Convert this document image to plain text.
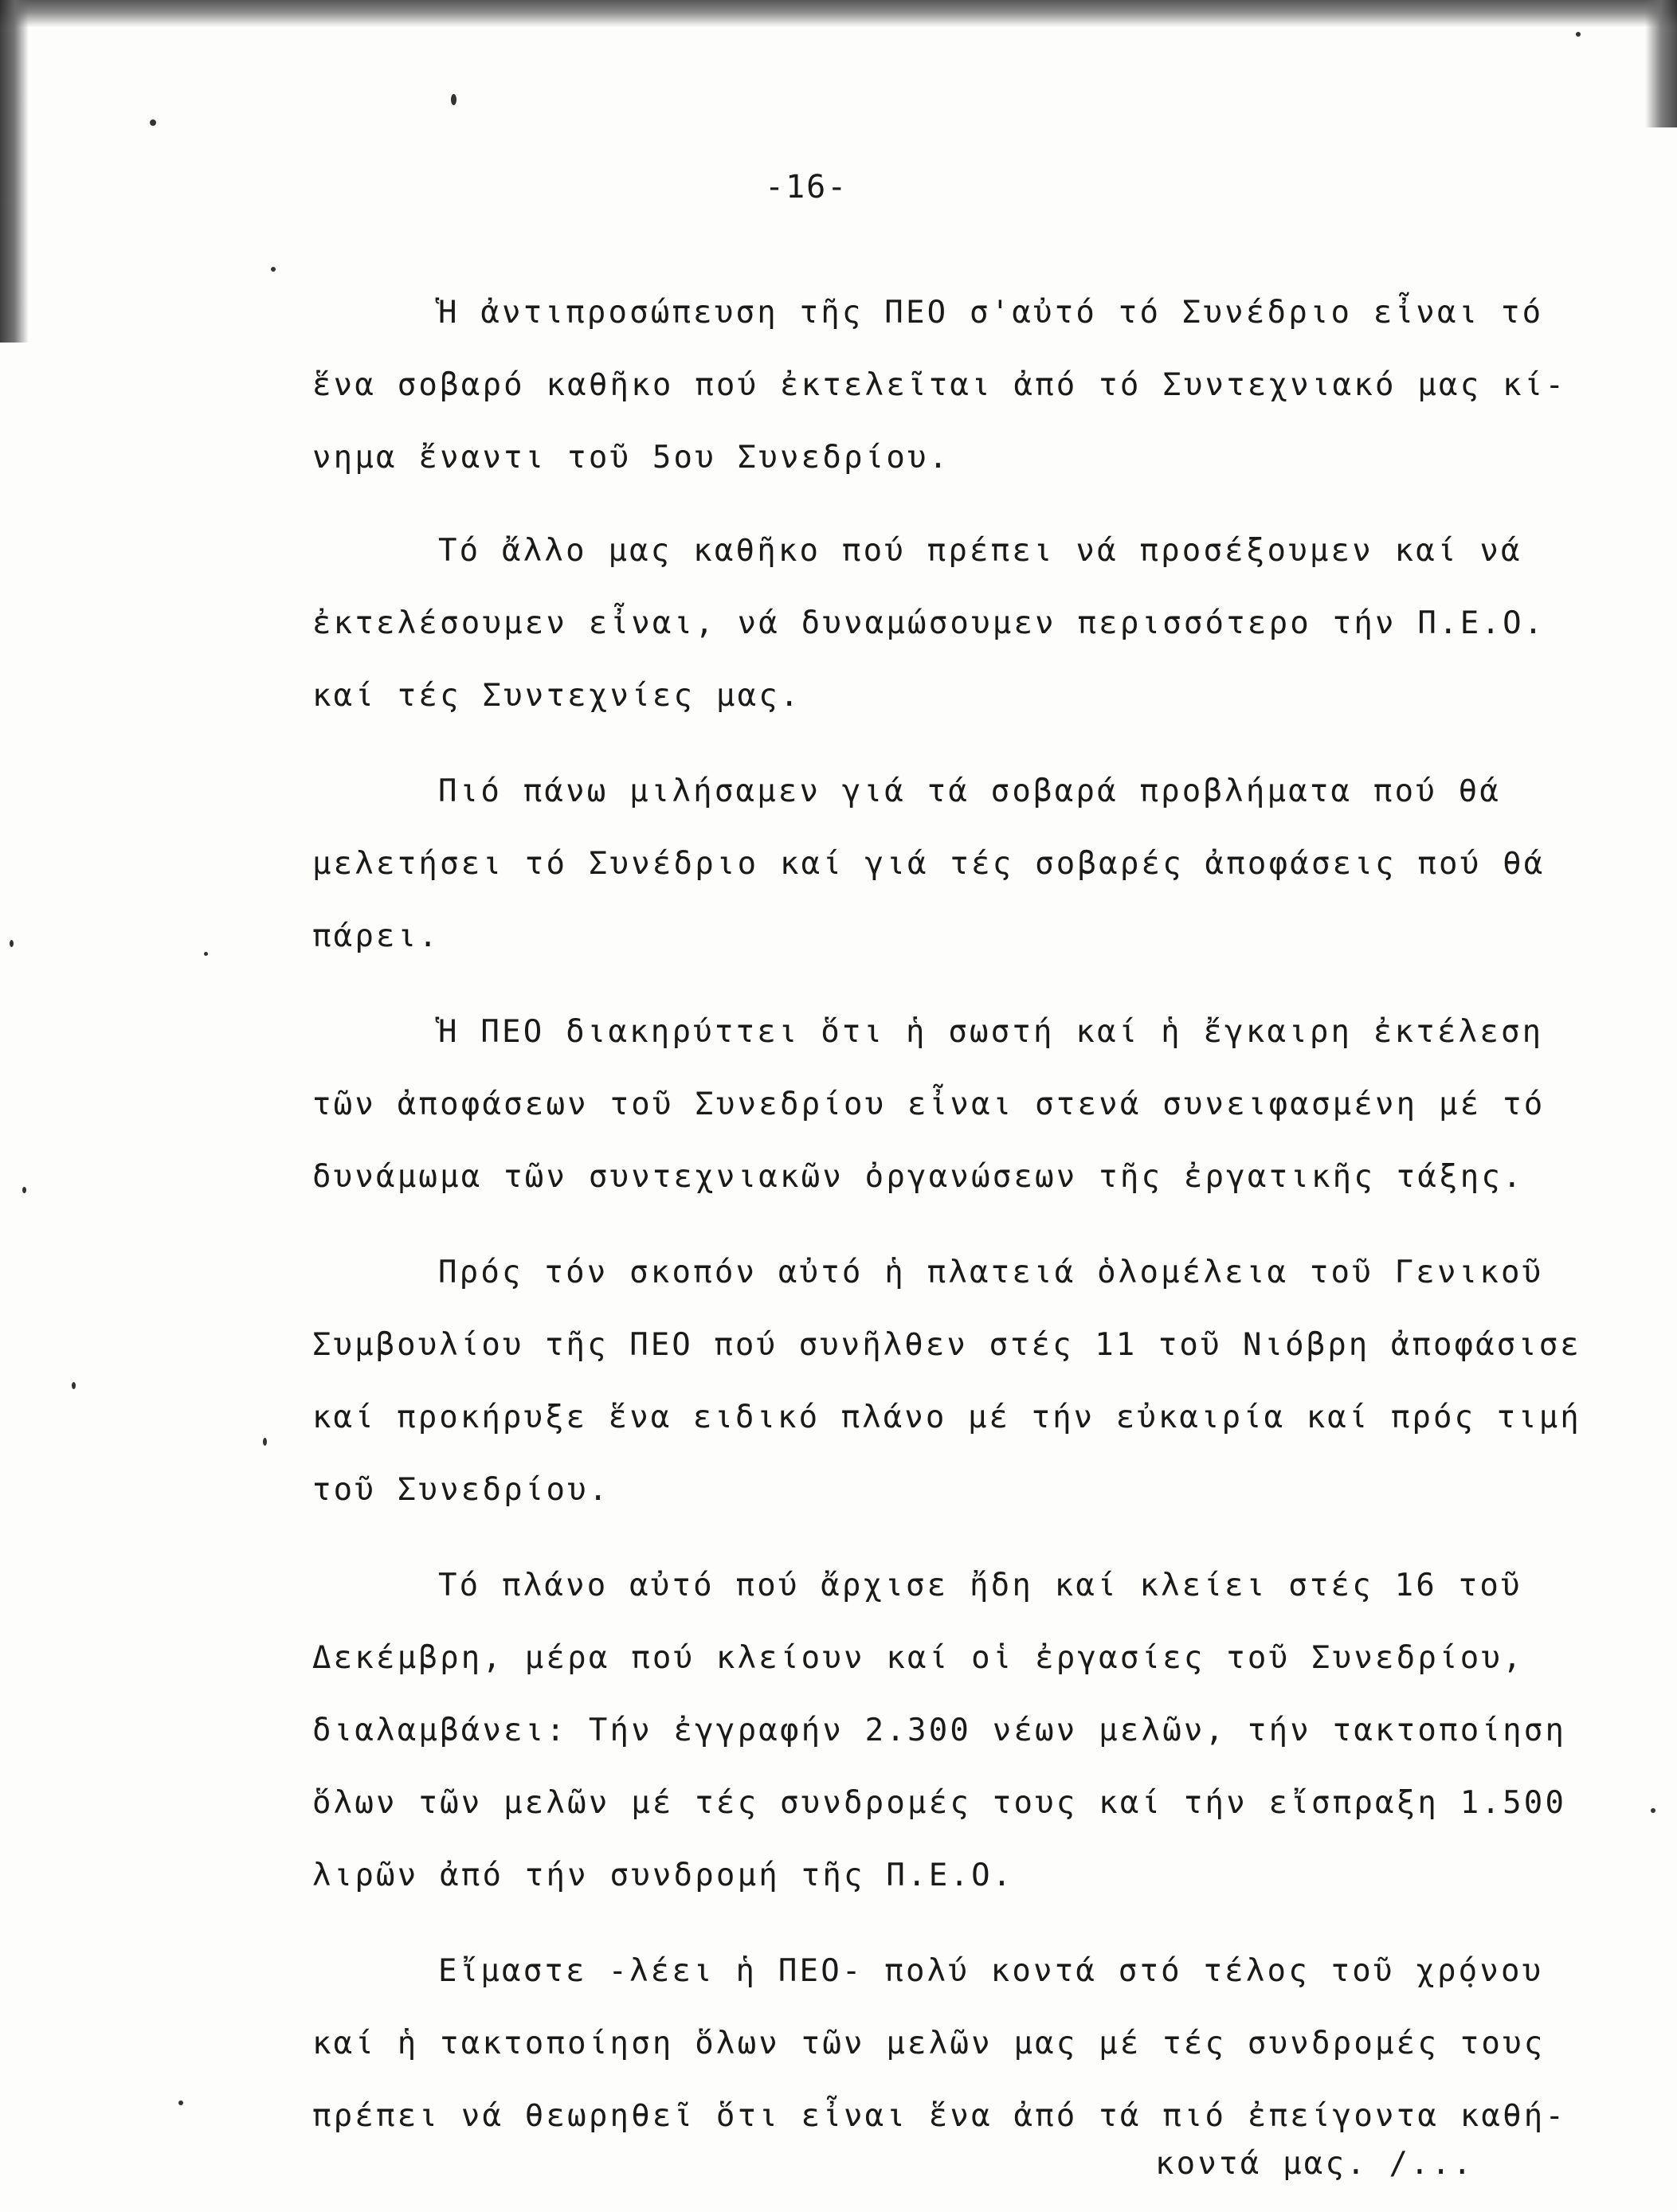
-16-
Ἡ ἀντιπροσώπευση τῆς ΠΕΟ σ'αὐτό τό Συνέδριο εἶναι τό
ἕνα σοβαρό καθῆκο πού ἐκτελεῖται ἀπό τό Συντεχνιακό μας κί-
νημα ἔναντι τοῦ 5ου Συνεδρίου.
Τό ἄλλο μας καθῆκο πού πρέπει νά προσέξουμεν καί νά
ἐκτελέσουμεν εἶναι, νά δυναμώσουμεν περισσότερο τήν Π.Ε.Ο.
καί τές Συντεχνίες μας.
Πιό πάνω μιλήσαμεν γιά τά σοβαρά προβλήματα πού θά
μελετήσει τό Συνέδριο καί γιά τές σοβαρές ἀποφάσεις πού θά
πάρει.
Ἡ ΠΕΟ διακηρύττει ὅτι ἡ σωστή καί ἡ ἔγκαιρη ἐκτέλεση
τῶν ἀποφάσεων τοῦ Συνεδρίου εἶναι στενά συνειφασμένη μέ τό
δυνάμωμα τῶν συντεχνιακῶν ὀργανώσεων τῆς ἐργατικῆς τάξης.
Πρός τόν σκοπόν αὐτό ἡ πλατειά ὁλομέλεια τοῦ Γενικοῦ
Συμβουλίου τῆς ΠΕΟ πού συνῆλθεν στές 11 τοῦ Νιόβρη ἀποφάσισε
καί προκήρυξε ἕνα ειδικό πλάνο μέ τήν εὐκαιρία καί πρός τιμή
τοῦ Συνεδρίου.
Τό πλάνο αὐτό πού ἄρχισε ἤδη καί κλείει στές 16 τοῦ
Δεκέμβρη, μέρα πού κλείουν καί οἱ ἐργασίες τοῦ Συνεδρίου,
διαλαμβάνει: Τήν ἐγγραφήν 2.300 νέων μελῶν, τήν τακτοποίηση
ὅλων τῶν μελῶν μέ τές συνδρομές τους καί τήν εἴσπραξη 1.500
λιρῶν ἀπό τήν συνδρομή τῆς Π.Ε.Ο.
Εἴμαστε -λέει ἡ ΠΕΟ- πολύ κοντά στό τέλος τοῦ χρόνου
καί ἡ τακτοποίηση ὅλων τῶν μελῶν μας μέ τές συνδρομές τους
πρέπει νά θεωρηθεῖ ὅτι εἶναι ἕνα ἀπό τά πιό ἐπείγοντα καθή-
κοντά μας. /...
